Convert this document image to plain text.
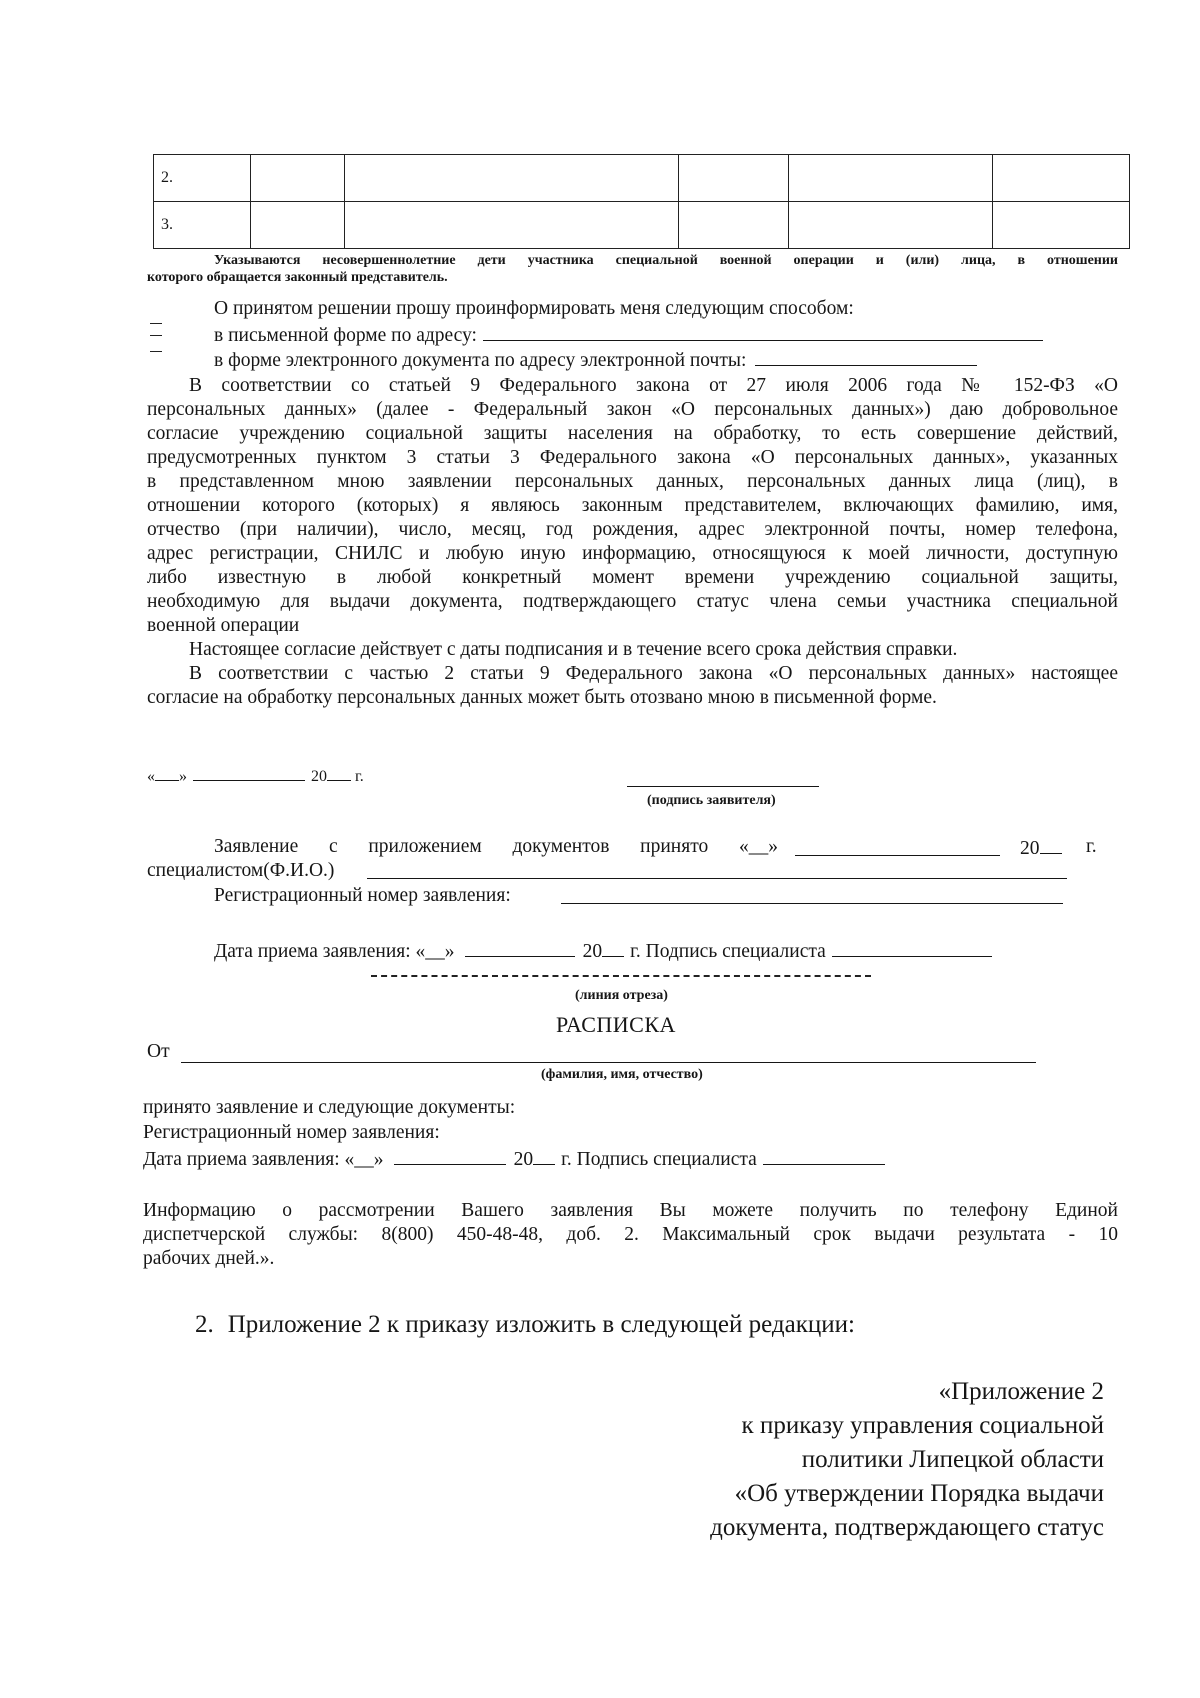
2.					
3.					
Указываются несовершеннолетние дети участника специальной военной операции и (или) лица, в отношении
которого обращается законный представитель.
О принятом решении прошу проинформировать меня следующим способом:
в письменной форме по адресу:
в форме электронного документа по адресу электронной почты:
В соответствии со статьей 9 Федерального закона от 27 июля 2006 года № 152-ФЗ «О
персональных данных» (далее - Федеральный закон «О персональных данных») даю добровольное
согласие учреждению социальной защиты населения на обработку, то есть совершение действий,
предусмотренных пунктом 3 статьи 3 Федерального закона «О персональных данных», указанных
в представленном мною заявлении персональных данных, персональных данных лица (лиц), в
отношении которого (которых) я являюсь законным представителем, включающих фамилию, имя,
отчество (при наличии), число, месяц, год рождения, адрес электронной почты, номер телефона,
адрес регистрации, СНИЛС и любую иную информацию, относящуюся к моей личности, доступную
либо известную в любой конкретный момент времени учреждению социальной защиты,
необходимую для выдачи документа, подтверждающего статус члена семьи участника специальной
военной операции
Настоящее согласие действует с даты подписания и в течение всего срока действия справки.
В соответствии с частью 2 статьи 9 Федерального закона «О персональных данных» настоящее
согласие на обработку персональных данных может быть отозвано мною в письменной форме.
« »	20 г.
(подпись заявителя)
Заявление с приложением документов принято «__»	20	г.
специалистом(Ф.И.О.)
Регистрационный номер заявления:
Дата приема заявления: «__»	20 г. Подпись специалиста
(линия отреза)
РАСПИСКА
От
(фамилия, имя, отчество)
принято заявление и следующие документы:
Регистрационный номер заявления:
Дата приема заявления: «__»	20 г. Подпись специалиста
Информацию о рассмотрении Вашего заявления Вы можете получить по телефону Единой
диспетчерской службы: 8(800) 450-48-48, доб. 2. Максимальный срок выдачи результата - 10
рабочих дней.».
2. Приложение 2 к приказу изложить в следующей редакции:
«Приложение 2
к приказу управления социальной
политики Липецкой области
«Об утверждении Порядка выдачи
документа, подтверждающего статус
